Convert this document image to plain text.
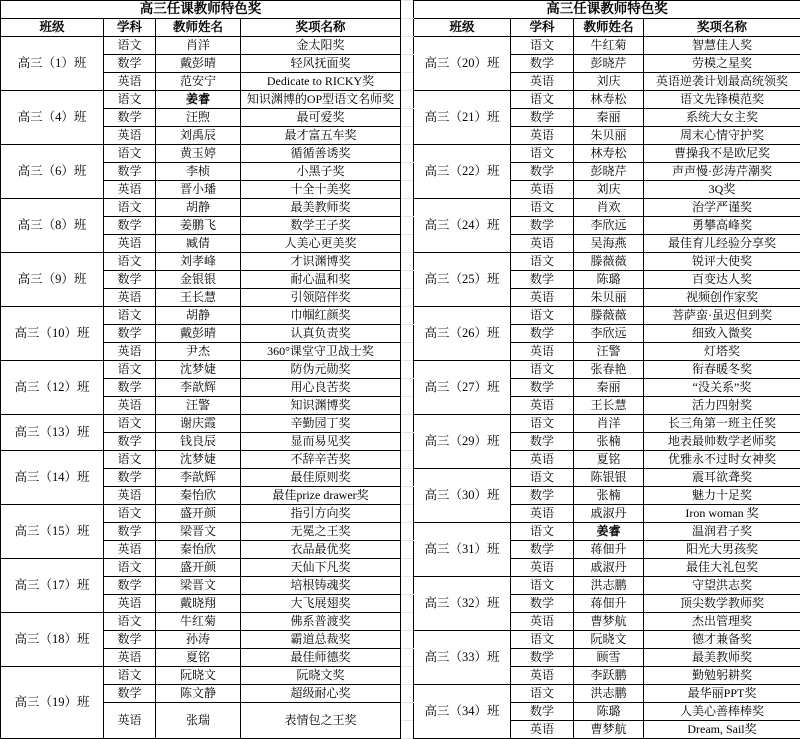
高三任课教师特色奖					高三任课教师特色奖			
班级	学科	教师姓名	奖项名称		班级	学科	教师姓名	奖项名称
高三（1）班	语文	肖洋	金太阳奖		高三（20）班	语文	牛红菊	智慧佳人奖
	数学	戴彭晴	轻风抚面奖			数学	彭晓芹	劳模之星奖
	英语	范安宁	Dedicate to RICKY奖			英语	刘庆	英语逆袭计划最高统领奖
高三（4）班	语文	姜睿	知识渊博的OP型语文名师奖		高三（21）班	语文	林寿松	语文先锋模范奖
	数学	汪煦	最可爱奖			数学	秦丽	系统大女主奖
	英语	刘禹辰	最才富五车奖			英语	朱贝丽	周末心情守护奖
高三（6）班	语文	黄玉婷	循循善诱奖		高三（22）班	语文	林寿松	曹操我不是欧尼奖
	数学	李桢	小黑子奖			数学	彭晓芹	声声慢·彭涛芹潮奖
	英语	晋小璠	十全十美奖			英语	刘庆	3Q奖
高三（8）班	语文	胡静	最美教师奖		高三（24）班	语文	肖欢	治学严谨奖
	数学	姜鹏飞	数学王子奖			数学	李欣远	勇攀高峰奖
	英语	臧倩	人美心更美奖			英语	吴海燕	最佳育儿经验分享奖
高三（9）班	语文	刘孝峰	才识渊博奖		高三（25）班	语文	滕薇薇	锐评大使奖
	数学	金银银	耐心温和奖			数学	陈璐	百变达人奖
	英语	王长慧	引领陪伴奖			英语	朱贝丽	视频创作家奖
高三（10）班	语文	胡静	巾帼红颜奖		高三（26）班	语文	滕薇薇	菩萨蛮·虽迟但到奖
	数学	戴彭晴	认真负责奖			数学	李欣远	细致入微奖
	英语	尹杰	360°课堂守卫战士奖			英语	汪警	灯塔奖
高三（12）班	语文	沈梦婕	防伪元勋奖		高三（27）班	语文	张春艳	衔春暖冬奖
	数学	李歆辉	用心良苦奖			数学	秦丽	“没关系”奖
	英语	汪警	知识渊博奖			英语	王长慧	活力四射奖
高三（13）班	语文	谢庆霞	辛勤园丁奖		高三（29）班	语文	肖洋	长三角第一班主任奖
	数学	钱良辰	显而易见奖			数学	张楠	地表最帅数学老师奖
高三（14）班	语文	沈梦婕	不辞辛苦奖			英语	夏铭	优雅永不过时女神奖
	数学	李歆辉	最佳原则奖		高三（30）班	语文	陈银银	震耳欲聋奖
	英语	秦怡欣	最佳prize drawer奖			数学	张楠	魅力十足奖
高三（15）班	语文	盛开颜	指引方向奖			英语	戚淑丹	Iron woman 奖
	数学	梁晋文	无冕之王奖		高三（31）班	语文	姜睿	温润君子奖
	英语	秦怡欣	衣品最优奖			数学	蒋佃升	阳光大男孩奖
高三（17）班	语文	盛开颜	天仙下凡奖			英语	戚淑丹	最佳大礼包奖
	数学	梁晋文	培根铸魂奖		高三（32）班	语文	洪志鹏	守望洪志奖
	英语	戴晓翔	大飞展翅奖			数学	蒋佃升	顶尖数学教师奖
高三（18）班	语文	牛红菊	佛系普渡奖			英语	曹梦航	杰出管理奖
	数学	孙涛	霸道总裁奖		高三（33）班	语文	阮晓文	德才兼备奖
	英语	夏铭	最佳师德奖			数学	顾雪	最美教师奖
高三（19）班	语文	阮晓文	阮晓文奖			英语	李跃鹏	勤勉躬耕奖
	数学	陈文静	超级耐心奖		高三（34）班	语文	洪志鹏	最华丽PPT奖
	英语	张瑞	表情包之王奖			数学	陈璐	人美心善棒棒奖
						英语	曹梦航	Dream, Sail奖
